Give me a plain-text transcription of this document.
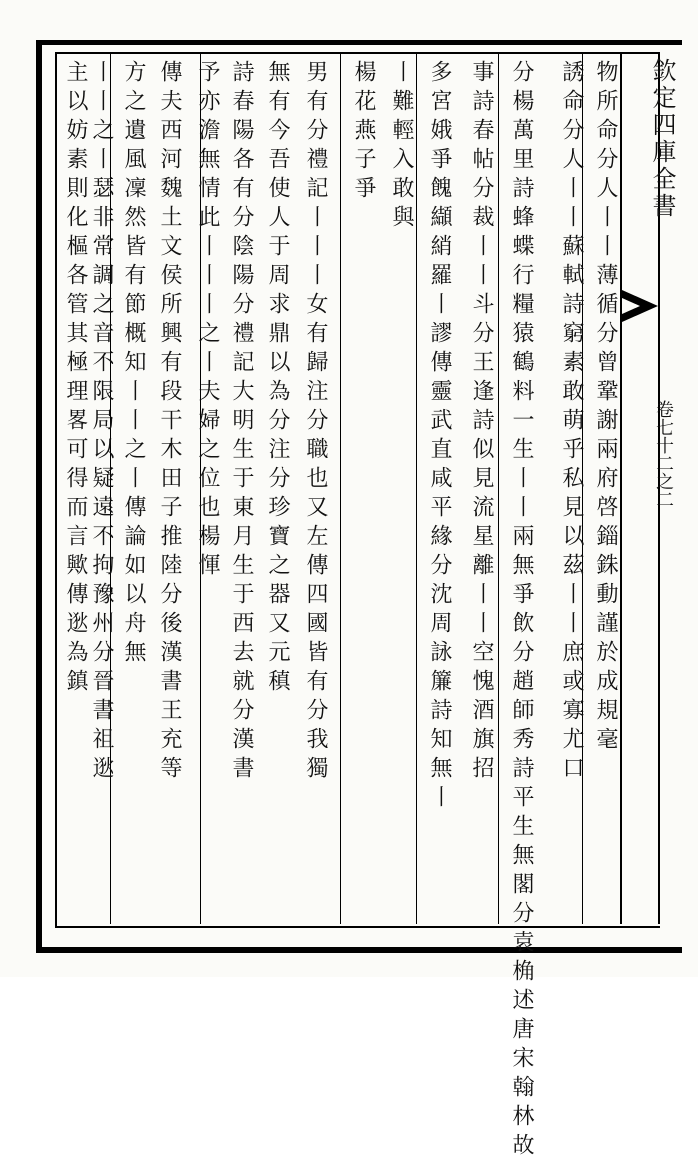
欽定四庫全書
卷七十二之二
物所命分人丨丨薄循分曾鞏謝兩府啓錙銖動謹於成規毫
誘命分人丨丨蘇軾詩窮素敢萌乎私見以茲丨丨庶或寡尤口
分楊萬里詩蜂蝶行糧猿鶴料一生丨丨兩無爭飲分趙師秀詩平生無閣分袁桷述唐宋翰林故
事詩春帖分裁丨丨斗分王逢詩似見流星離丨丨空愧酒旗招
多宮娥爭餽纈綃羅丨謬傳靈武直咸平緣分沈周詠簾詩知無丨
丨難輕入敢與
楊花燕子爭
男有分禮記丨丨丨女有歸注分職也又左傳四國皆有分我獨
無有今吾使人于周求鼎以為分注分珍寶之器又元稹
詩春陽各有分陰陽分禮記大明生于東月生于西去就分漢書
予亦澹無情此丨丨丨之丨夫婦之位也楊惲
傳夫西河魏土文侯所興有段干木田子推陸分後漢書王充等
方之遺風凜然皆有節概知丨丨之丨傳論如以舟無
丨丨之丨瑟非常調之音不限局以疑遠不拘豫州分晉書祖逖
主以妨素則化樞各管其極理畧可得而言歟傳逖為鎮
